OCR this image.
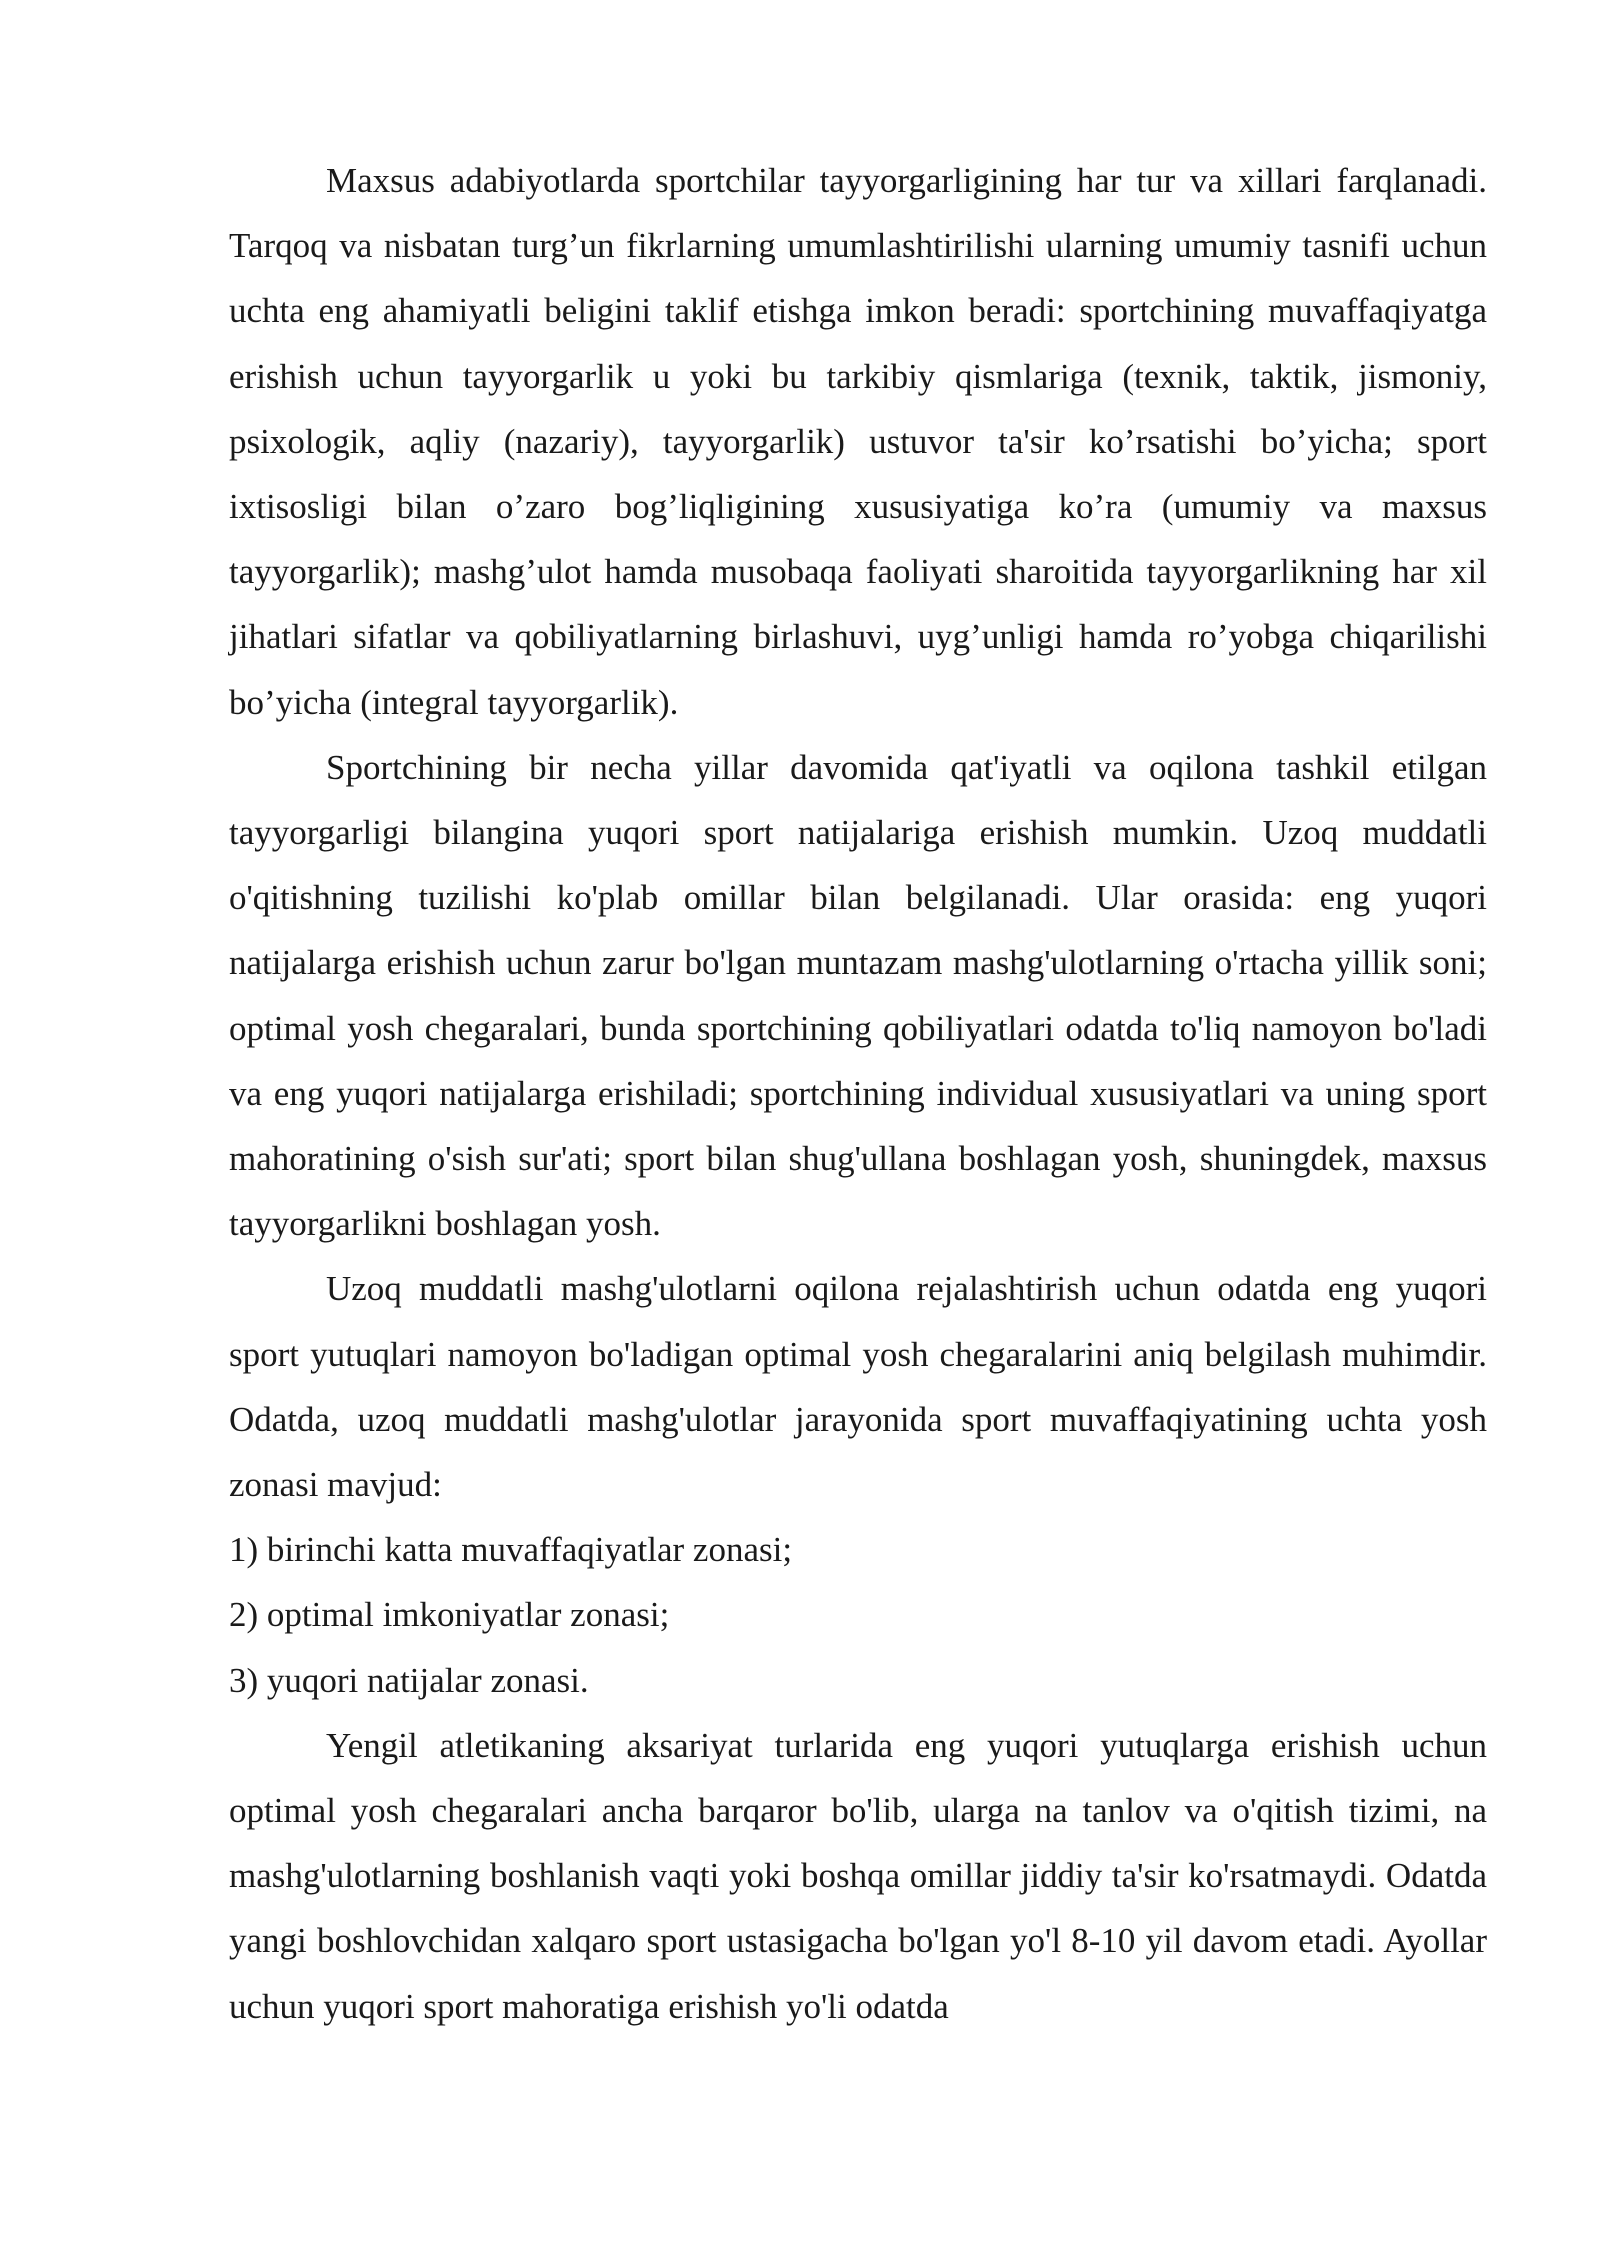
Maxsus adabiyotlarda sportchilar tayyorgarligining har tur va xillari farqlanadi. Tarqoq va nisbatan turg’un fikrlarning umumlashtirilishi ularning umumiy tasnifi uchun uchta eng ahamiyatli beligini taklif etishga imkon beradi: sportchining muvaffaqiyatga erishish uchun tayyorgarlik u yoki bu tarkibiy qismlariga (texnik, taktik, jismoniy, psixologik, aqliy (nazariy), tayyorgarlik) ustuvor ta'sir ko’rsatishi bo’yicha; sport ixtisosligi bilan o’zaro bog’liqligining xususiyatiga ko’ra (umumiy va maxsus tayyorgarlik); mashg’ulot hamda musobaqa faoliyati sharoitida tayyorgarlikning har xil jihatlari sifatlar va qobiliyatlarning birlashuvi, uyg’unligi hamda ro’yobga chiqarilishi bo’yicha (integral tayyorgarlik).

Sportchining bir necha yillar davomida qat'iyatli va oqilona tashkil etilgan tayyorgarligi bilangina yuqori sport natijalariga erishish mumkin. Uzoq muddatli o'qitishning tuzilishi ko'plab omillar bilan belgilanadi. Ular orasida: eng yuqori natijalarga erishish uchun zarur bo'lgan muntazam mashg'ulotlarning o'rtacha yillik soni; optimal yosh chegaralari, bunda sportchining qobiliyatlari odatda to'liq namoyon bo'ladi va eng yuqori natijalarga erishiladi; sportchining individual xususiyatlari va uning sport mahoratining o'sish sur'ati; sport bilan shug'ullana boshlagan yosh, shuningdek, maxsus tayyorgarlikni boshlagan yosh.

Uzoq muddatli mashg'ulotlarni oqilona rejalashtirish uchun odatda eng yuqori sport yutuqlari namoyon bo'ladigan optimal yosh chegaralarini aniq belgilash muhimdir. Odatda, uzoq muddatli mashg'ulotlar jarayonida sport muvaffaqiyatining uchta yosh zonasi mavjud:

1) birinchi katta muvaffaqiyatlar zonasi;

2) optimal imkoniyatlar zonasi;

3) yuqori natijalar zonasi.

Yengil atletikaning aksariyat turlarida eng yuqori yutuqlarga erishish uchun optimal yosh chegaralari ancha barqaror bo'lib, ularga na tanlov va o'qitish tizimi, na mashg'ulotlarning boshlanish vaqti yoki boshqa omillar jiddiy ta'sir ko'rsatmaydi. Odatda yangi boshlovchidan xalqaro sport ustasigacha bo'lgan yo'l 8-10 yil davom etadi. Ayollar uchun yuqori sport mahoratiga erishish yo'li odatda
